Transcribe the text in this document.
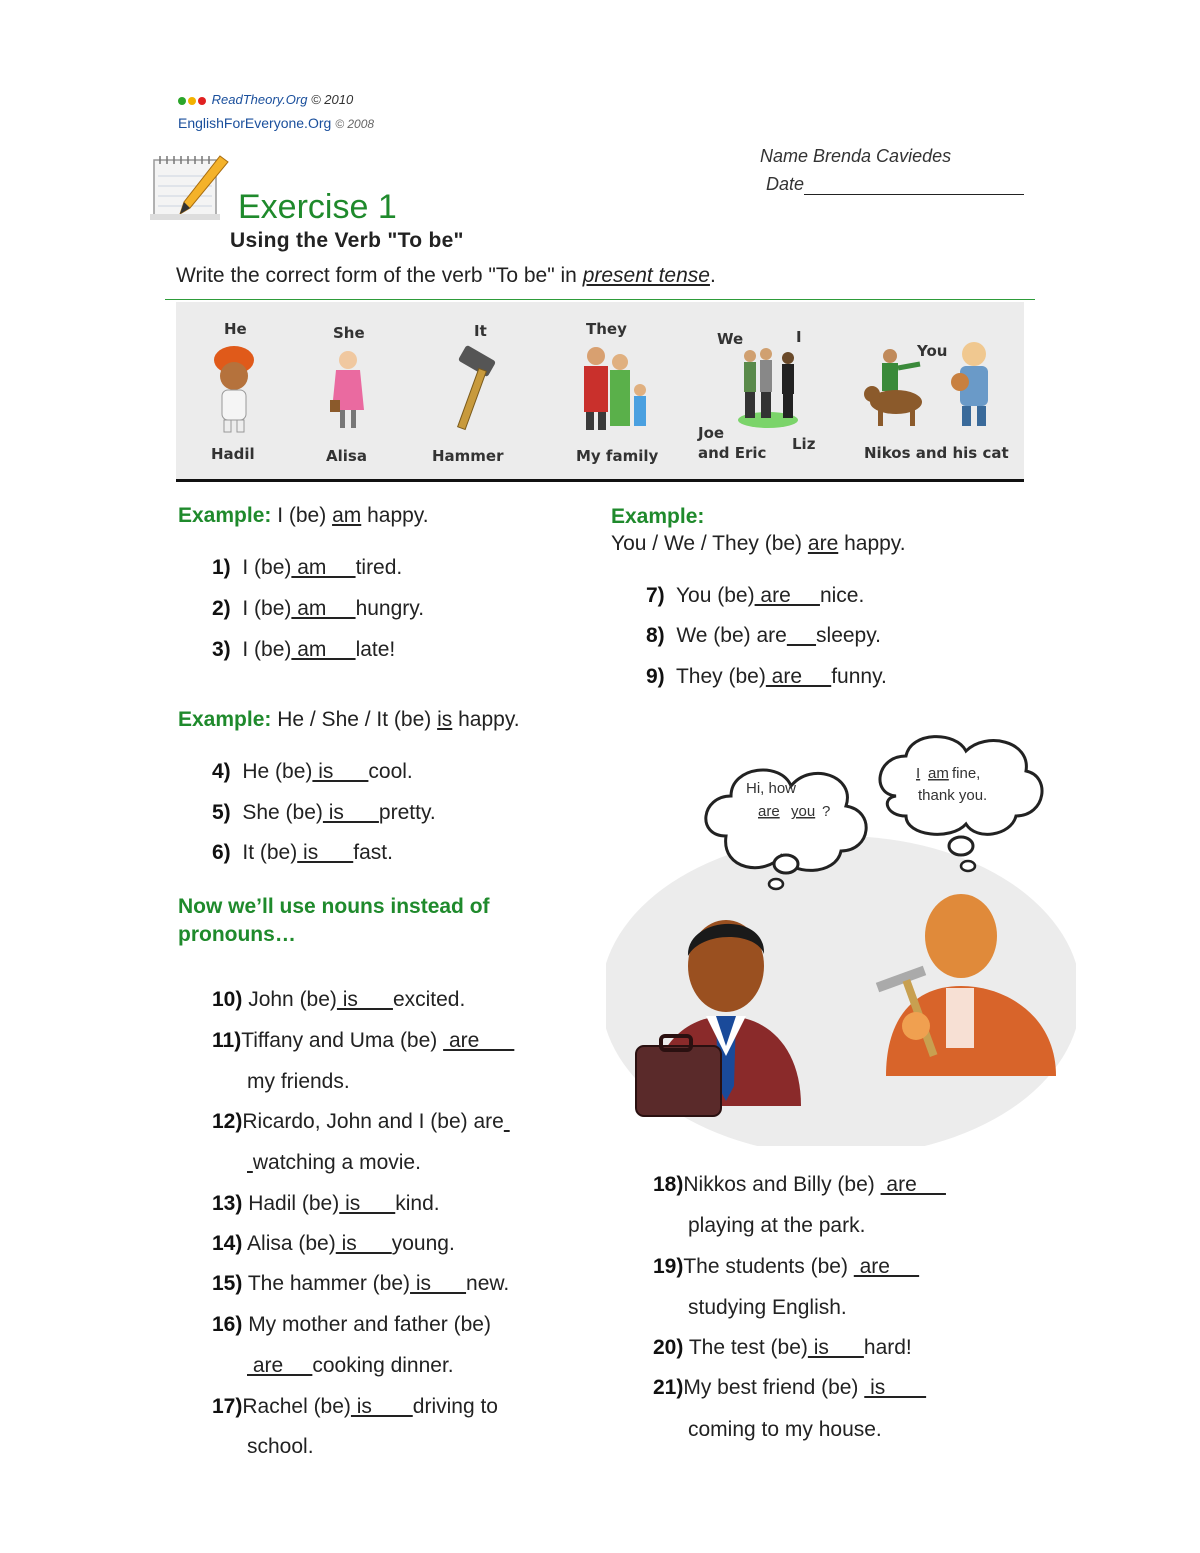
ReadTheory.Org © 2010
EnglishForEveryone.Org © 2008
Name Brenda Caviedes
Date
Exercise 1
Using the Verb "To be"
Write the correct form of the verb "To be" in present tense.
He	She	It	They
We	I
You
Hadil	Alisa	Hammer	My family
Joe
and Eric Liz	Nikos and his cat
Example: I (be) am happy.
1)  I (be) am     tired.
2)  I (be) am     hungry.
3)  I (be) am     late!
4)  He (be) is      cool.
5)  She (be) is      pretty.
6)  It (be) is      fast.
7)  You (be) are     nice.
8)  We (be) are sleepy.
9)  They (be) are     funny.
10) John (be) is      excited.
11)Tiffany and Uma (be)  are
my friends.
12)Ricardo, John and I (be) are
watching a movie.
13) Hadil (be) is      kind.
14) Alisa (be) is      young.
15) The hammer (be) is      new.
16) My mother and father (be)
are     cooking dinner.
17)Rachel (be) is       driving to
school.
18)Nikkos and Billy (be)  are
playing at the park.
19)The students (be)  are
studying English.
20) The test (be) is      hard!
21)My best friend (be)  is
coming to my house.
Example: He / She / It (be) is happy.
Now we’ll use nouns instead of pronouns…
Example:
You / We / They (be) are happy.
Hi, how
are you ?
I am fine,
thank you.
